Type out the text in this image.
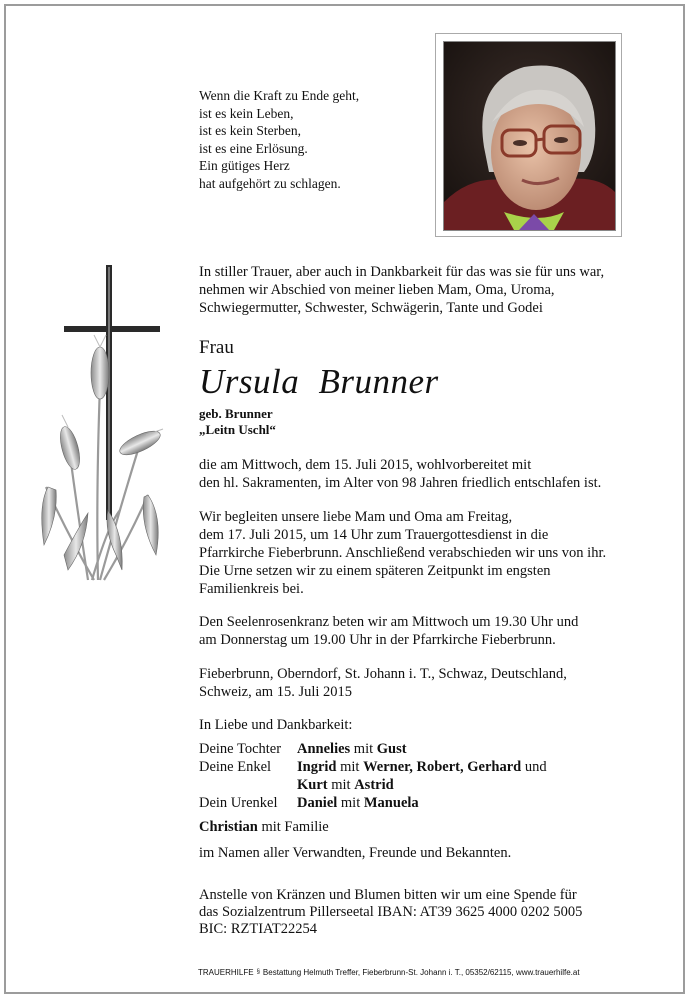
Wenn die Kraft zu Ende geht,
ist es kein Leben,
ist es kein Sterben,
ist es eine Erlösung.
Ein gütiges Herz
hat aufgehört zu schlagen.
In stiller Trauer, aber auch in Dankbarkeit für das was sie für uns war,
nehmen wir Abschied von meiner lieben Mam, Oma, Uroma,
Schwiegermutter, Schwester, Schwägerin, Tante und Godei
Frau
Ursula Brunner
geb. Brunner
„Leitn Uschl“
die am Mittwoch, dem 15. Juli 2015, wohlvorbereitet mit
den hl. Sakramenten, im Alter von 98 Jahren friedlich entschlafen ist.
Wir begleiten unsere liebe Mam und Oma am Freitag,
dem 17. Juli 2015, um 14 Uhr zum Trauergottesdienst in die
Pfarrkirche Fieberbrunn. Anschließend verabschieden wir uns von ihr.
Die Urne setzen wir zu einem späteren Zeitpunkt im engsten
Familienkreis bei.
Den Seelenrosenkranz beten wir am Mittwoch um 19.30 Uhr und
am Donnerstag um 19.00 Uhr in der Pfarrkirche Fieberbrunn.
Fieberbrunn, Oberndorf, St. Johann i. T., Schwaz, Deutschland,
Schweiz, am 15. Juli 2015
In Liebe und Dankbarkeit:
Deine Tochter Annelies mit Gust
Deine Enkel Ingrid mit Werner, Robert, Gerhard und
Kurt mit Astrid
Dein Urenkel Daniel mit Manuela
Christian mit Familie
im Namen aller Verwandten, Freunde und Bekannten.
Anstelle von Kränzen und Blumen bitten wir um eine Spende für
das Sozialzentrum Pillerseetal IBAN: AT39 3625 4000 0202 5005
BIC: RZTIAT22254
TRAUERHILFE § Bestattung Helmuth Treffer, Fieberbrunn-St. Johann i. T., 05352/62115, www.trauerhilfe.at
